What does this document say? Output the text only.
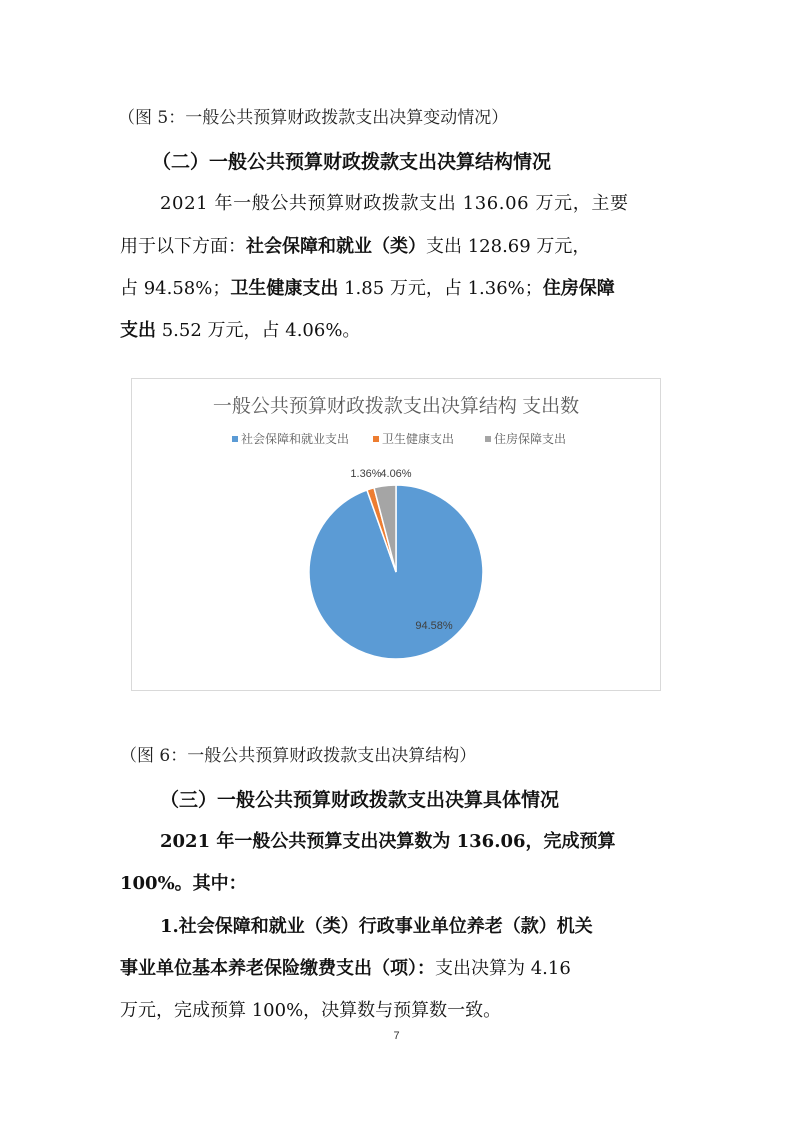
（图 5：一般公共预算财政拨款支出决算变动情况）
（二）一般公共预算财政拨款支出决算结构情况
2021 年一般公共预算财政拨款支出 136.06 万元，主要
用于以下方面：社会保障和就业（类）支出 128.69 万元，
占 94.58%；卫生健康支出 1.85 万元，占 1.36%；住房保障
支出 5.52 万元，占 4.06%。
一般公共预算财政拨款支出决算结构 支出数
社会保障和就业支出	卫生健康支出	住房保障支出
94.58%
1.36%
4.06%
（图 6：一般公共预算财政拨款支出决算结构）
（三）一般公共预算财政拨款支出决算具体情况
2021 年一般公共预算支出决算数为 136.06，完成预算
100%。其中：
1.社会保障和就业（类）行政事业单位养老（款）机关
事业单位基本养老保险缴费支出（项）：支出决算为 4.16
万元，完成预算 100%，决算数与预算数一致。
7
